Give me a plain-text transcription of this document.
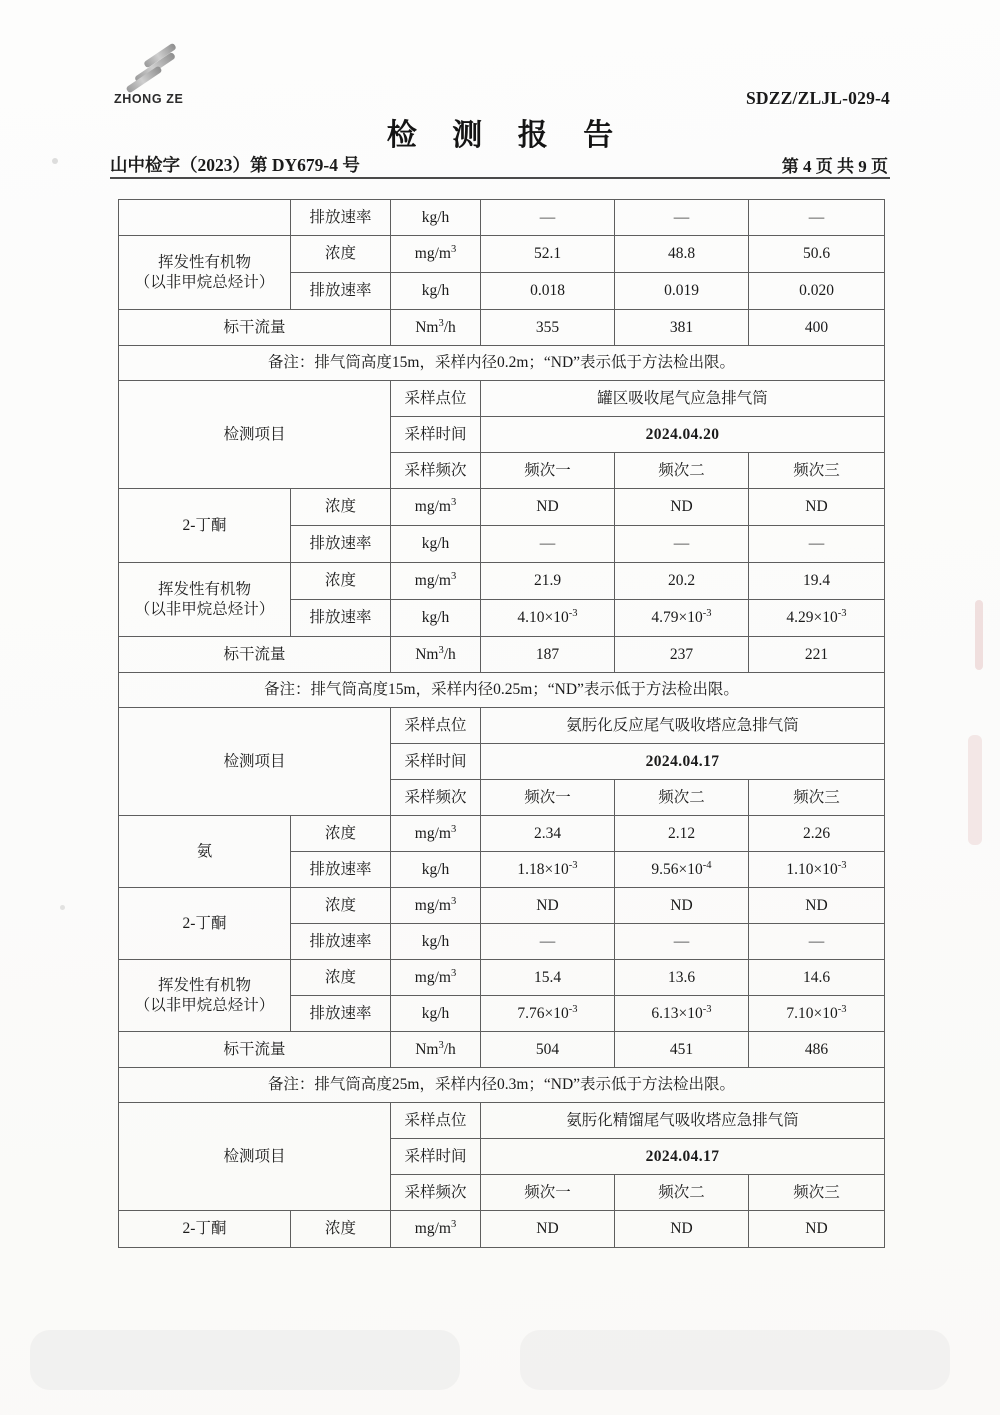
ZHONG ZE	SDZZ/ZLJL-029-4
检 测 报 告
山中检字（2023）第 DY679-4 号	第 4 页 共 9 页
	排放速率	kg/h	—	—	—
挥发性有机物
（以非甲烷总烃计）	浓度	$mg/m^3$	52.1	48.8	50.6
	排放速率	kg/h	0.018	0.019	0.020
标干流量		Nm$^3$/h	355	381	400
备注：排气筒高度15m，采样内径0.2m；“ND”表示低于方法检出限。					
检测项目		采样点位	罐区吸收尾气应急排气筒		
		采样时间	2024.04.20		
		采样频次	频次一	频次二	频次三
2-丁酮	浓度	$mg/m^3$	ND	ND	ND
	排放速率	kg/h	—	—	—
挥发性有机物
（以非甲烷总烃计）	浓度	$mg/m^3$	21.9	20.2	19.4
	排放速率	kg/h	$4.10\times 10^{-3}$	$4.79\times 10^{-3}$	$4.29\times 10^{-3}$
标干流量		Nm$^3$/h	187	237	221
备注：排气筒高度15m，采样内径0.25m；“ND”表示低于方法检出限。					
检测项目		采样点位	氨肟化反应尾气吸收塔应急排气筒		
		采样时间	2024.04.17		
		采样频次	频次一	频次二	频次三
氨	浓度	$mg/m^3$	2.34	2.12	2.26
	排放速率	kg/h	$1.18\times 10^{-3}$	$9.56\times 10^{-4}$	$1.10\times 10^{-3}$
2-丁酮	浓度	$mg/m^3$	ND	ND	ND
	排放速率	kg/h	—	—	—
挥发性有机物
（以非甲烷总烃计）	浓度	$mg/m^3$	15.4	13.6	14.6
	排放速率	kg/h	$7.76\times 10^{-3}$	$6.13\times 10^{-3}$	$7.10\times 10^{-3}$
标干流量		Nm$^3$/h	504	451	486
备注：排气筒高度25m，采样内径0.3m；“ND”表示低于方法检出限。					
检测项目		采样点位	氨肟化精馏尾气吸收塔应急排气筒		
		采样时间	2024.04.17		
		采样频次	频次一	频次二	频次三
2-丁酮	浓度	$mg/m^3$	ND	ND	ND
